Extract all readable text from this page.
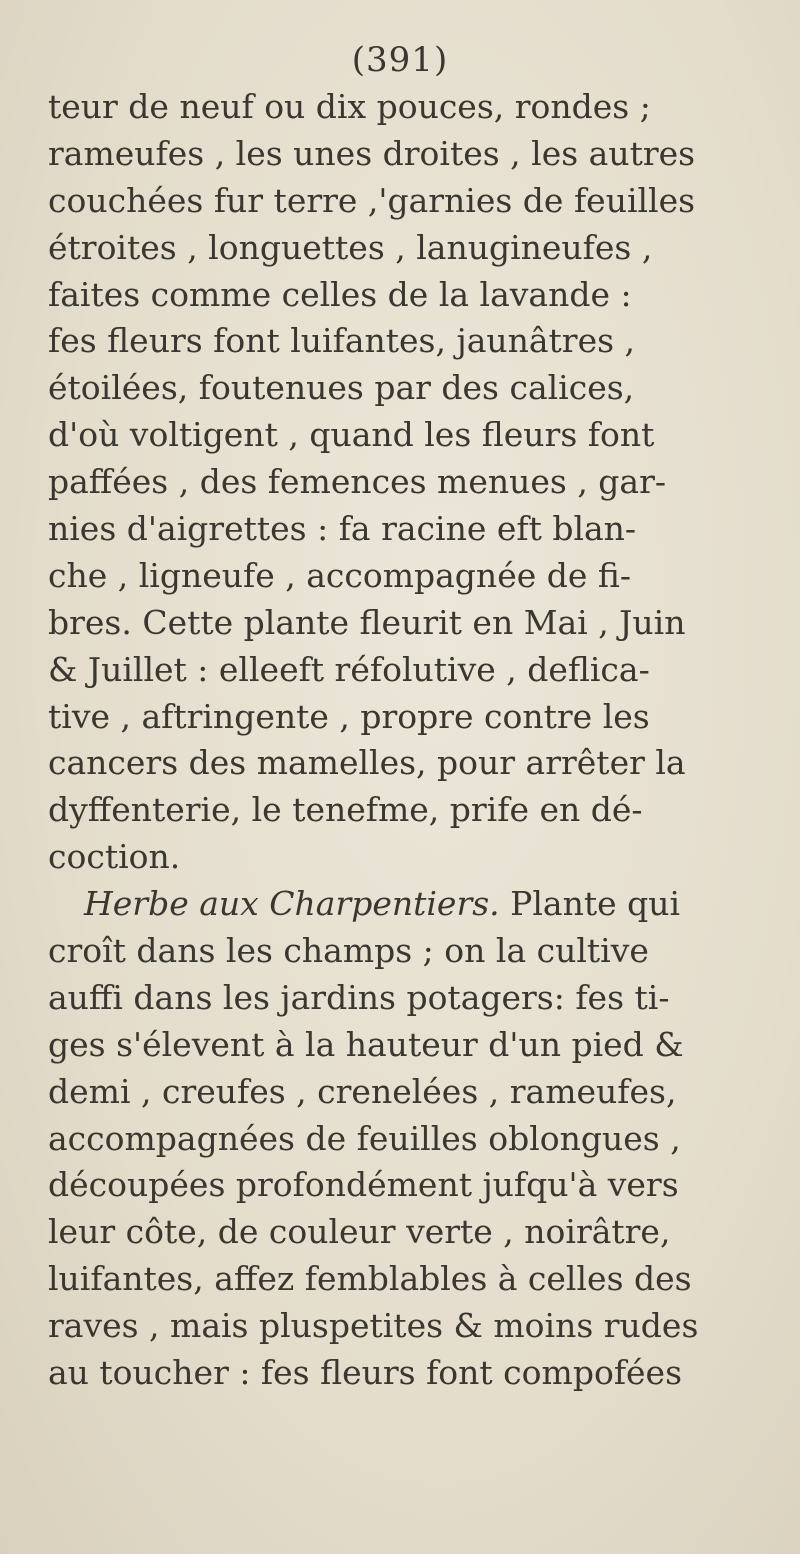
(391)
teur de neuf ou dix pouces, rondes ;
rameufes , les unes droites , les autres
couchées fur terre ,'garnies de feuilles
étroites , longuettes , lanugineufes ,
faites comme celles de la lavande :
fes fleurs font luifantes, jaunâtres ,
étoilées, foutenues par des calices,
d'où voltigent , quand les fleurs font
paffées , des femences menues , gar-
nies d'aigrettes : fa racine eft blan-
che , ligneufe , accompagnée de fi-
bres. Cette plante fleurit en Mai , Juin
& Juillet : elleeft réfolutive , deflica-
tive , aftringente , propre contre les
cancers des mamelles, pour arrêter la
dyffenterie, le tenefme, prife en dé-
coction.
Herbe aux Charpentiers. Plante qui
croît dans les champs ; on la cultive
auffi dans les jardins potagers: fes ti-
ges s'élevent à la hauteur d'un pied &
demi , creufes , crenelées , rameufes,
accompagnées de feuilles oblongues ,
découpées profondément jufqu'à vers
leur côte, de couleur verte , noirâtre,
luifantes, affez femblables à celles des
raves , mais pluspetites & moins rudes
au toucher : fes fleurs font compofées
